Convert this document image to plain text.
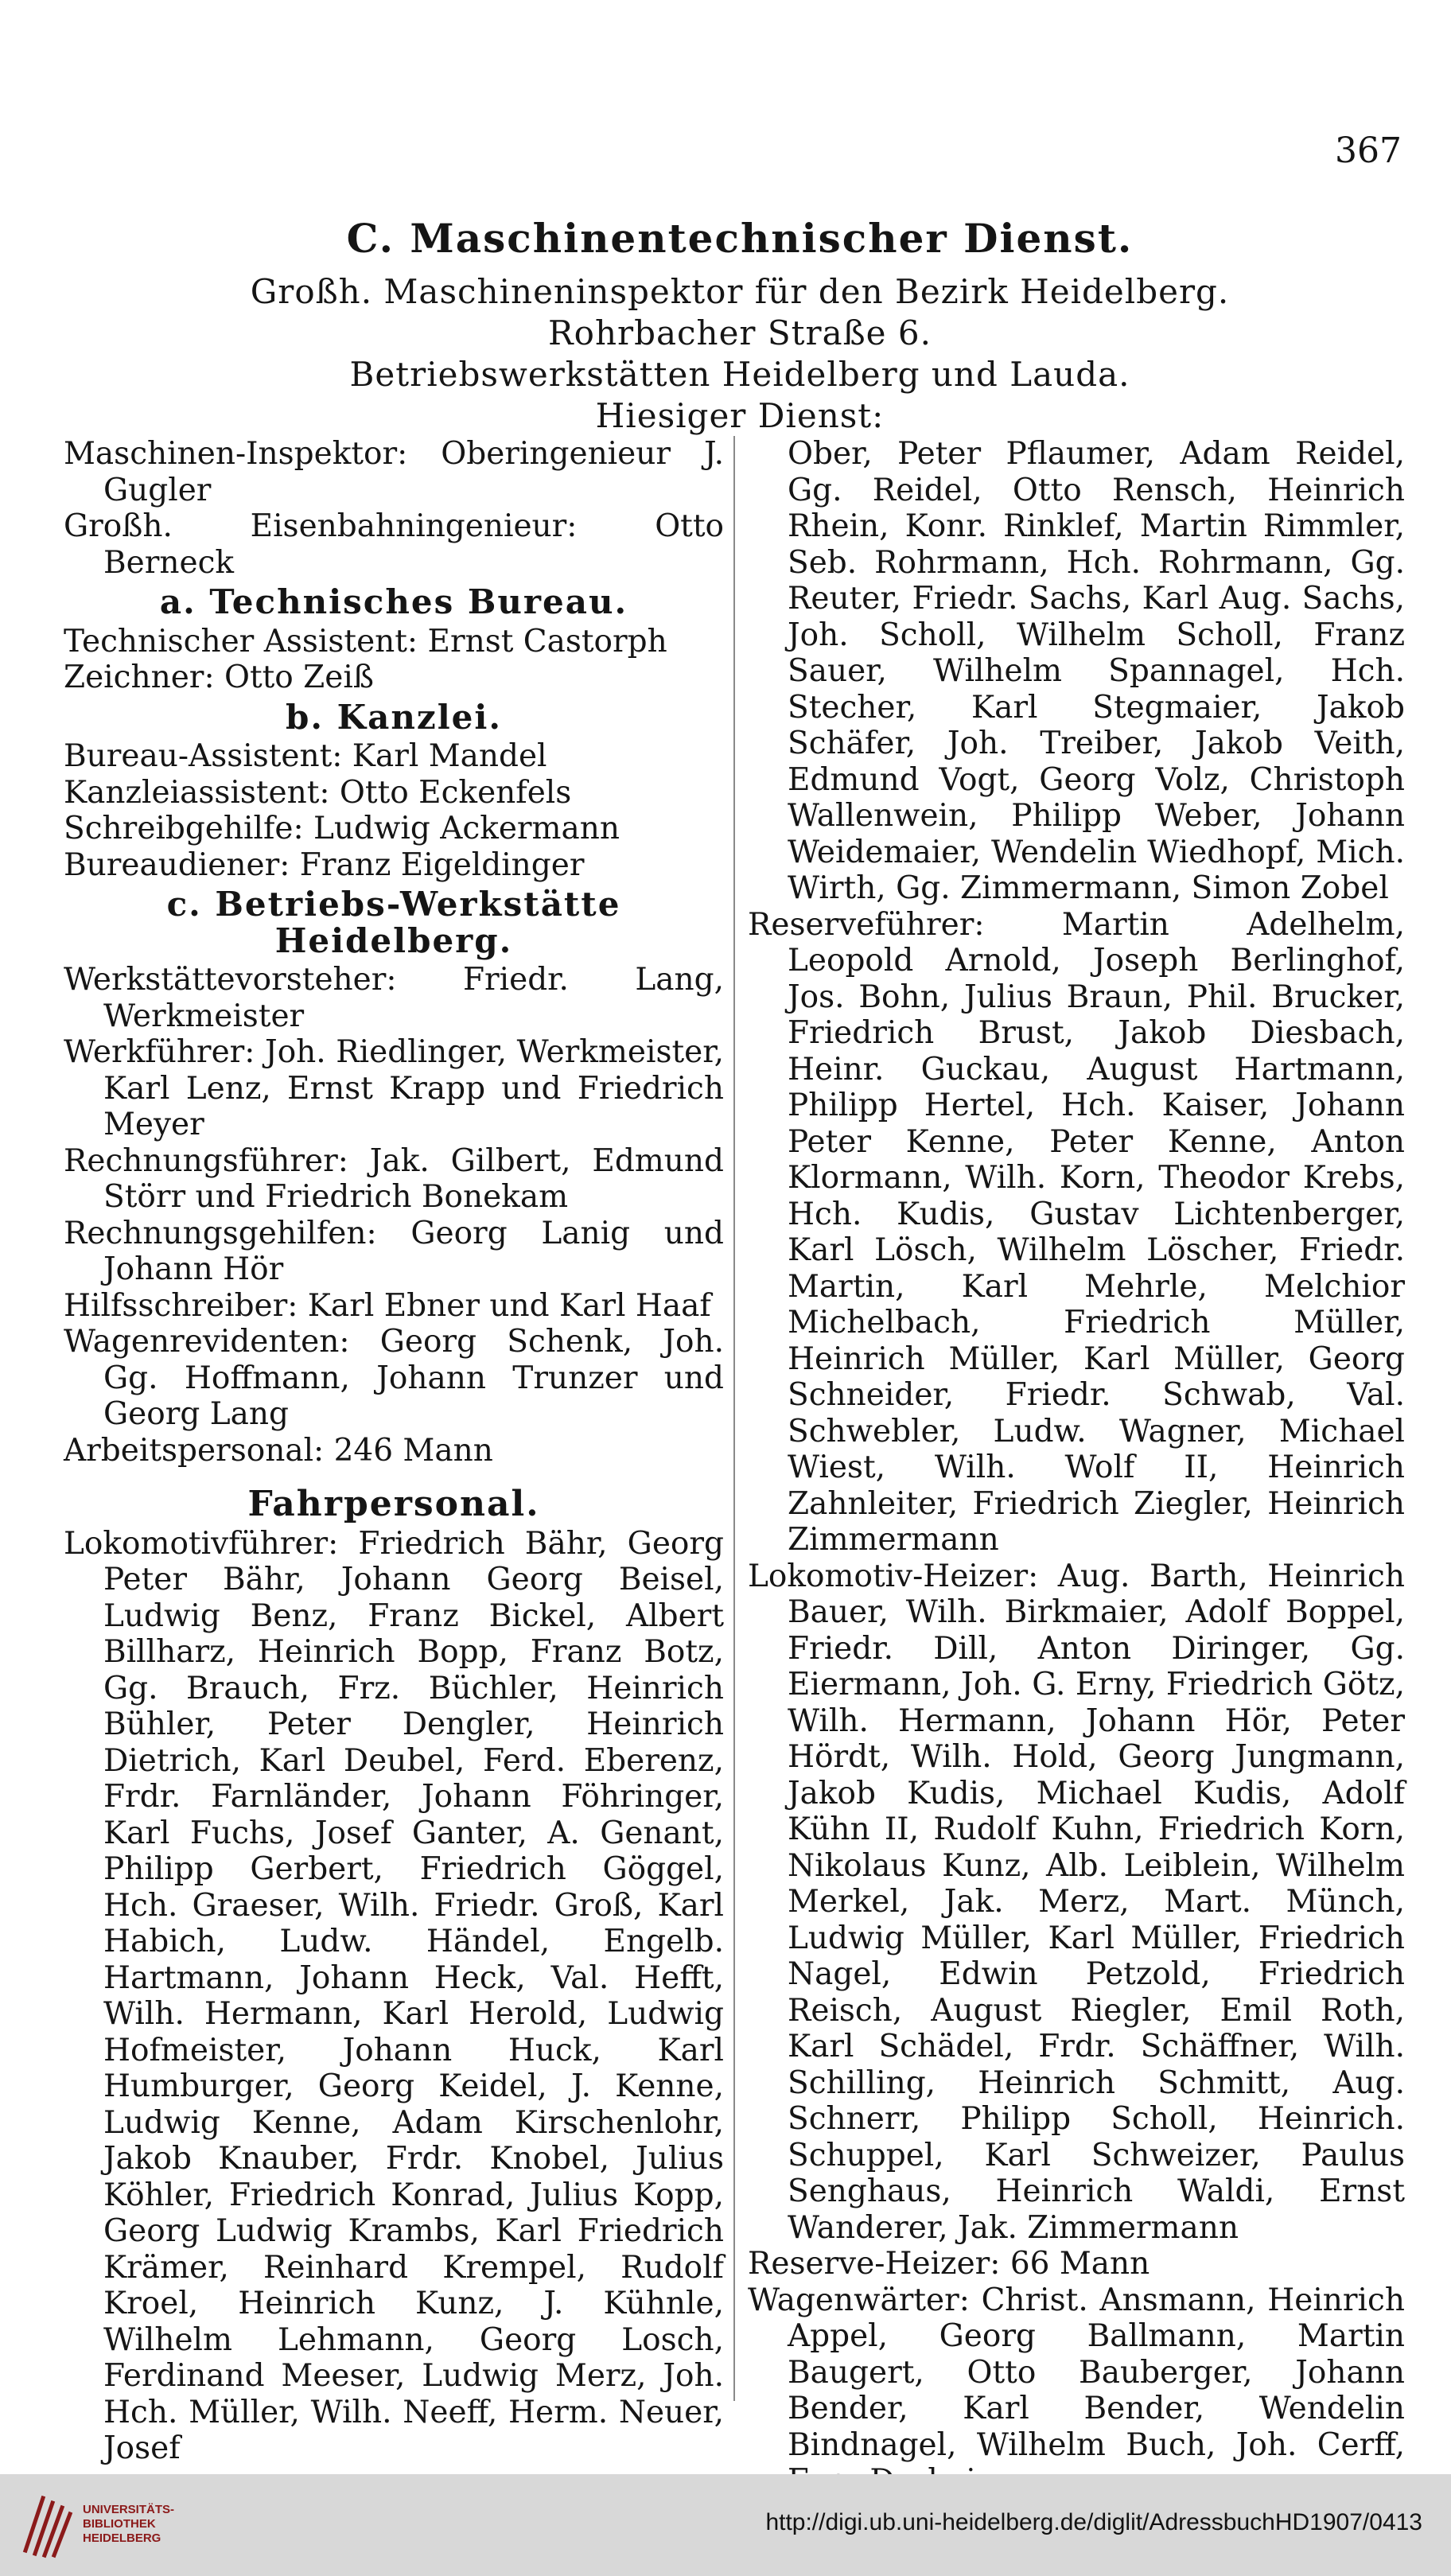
367
C. Maschinentechnischer Dienst.
Großh. Maschineninspektor für den Bezirk Heidelberg.
Rohrbacher Straße 6.
Betriebswerkstätten Heidelberg und Lauda.
Hiesiger Dienst:
Maschinen-Inspektor: Oberingenieur J. Gugler
Großh. Eisenbahningenieur: Otto Berneck
a. Technisches Bureau.
Technischer Assistent: Ernst Castorph
Zeichner: Otto Zeiß
b. Kanzlei.
Bureau-Assistent: Karl Mandel
Kanzleiassistent: Otto Eckenfels
Schreibgehilfe: Ludwig Ackermann
Bureaudiener: Franz Eigeldinger
c. Betriebs-Werkstätte Heidelberg.
Werkstättevorsteher: Friedr. Lang, Werkmeister
Werkführer: Joh. Riedlinger, Werkmeister, Karl Lenz, Ernst Krapp und Friedrich Meyer
Rechnungsführer: Jak. Gilbert, Edmund Störr und Friedrich Bonekam
Rechnungsgehilfen: Georg Lanig und Johann Hör
Hilfsschreiber: Karl Ebner und Karl Haaf
Wagenrevidenten: Georg Schenk, Joh. Gg. Hoffmann, Johann Trunzer und Georg Lang
Arbeitspersonal: 246 Mann
Fahrpersonal.
Lokomotivführer: Friedrich Bähr, Georg Peter Bähr, Johann Georg Beisel, Ludwig Benz, Franz Bickel, Albert Billharz, Heinrich Bopp, Franz Botz, Gg. Brauch, Frz. Büchler, Heinrich Bühler, Peter Dengler, Heinrich Dietrich, Karl Deubel, Ferd. Eberenz, Frdr. Farnländer, Johann Föhringer, Karl Fuchs, Josef Ganter, A. Genant, Philipp Gerbert, Friedrich Göggel, Hch. Graeser, Wilh. Friedr. Groß, Karl Habich, Ludw. Händel, Engelb. Hartmann, Johann Heck, Val. Hefft, Wilh. Hermann, Karl Herold, Ludwig Hofmeister, Johann Huck, Karl Humburger, Georg Keidel, J. Kenne, Ludwig Kenne, Adam Kirschenlohr, Jakob Knauber, Frdr. Knobel, Julius Köhler, Friedrich Konrad, Julius Kopp, Georg Ludwig Krambs, Karl Friedrich Krämer, Reinhard Krempel, Rudolf Kroel, Heinrich Kunz, J. Kühnle, Wilhelm Lehmann, Georg Losch, Ferdinand Meeser, Ludwig Merz, Joh. Hch. Müller, Wilh. Neeff, Herm. Neuer, Josef
Ober, Peter Pflaumer, Adam Reidel, Gg. Reidel, Otto Rensch, Heinrich Rhein, Konr. Rinklef, Martin Rimmler, Seb. Rohrmann, Hch. Rohrmann, Gg. Reuter, Friedr. Sachs, Karl Aug. Sachs, Joh. Scholl, Wilhelm Scholl, Franz Sauer, Wilhelm Spannagel, Hch. Stecher, Karl Stegmaier, Jakob Schäfer, Joh. Treiber, Jakob Veith, Edmund Vogt, Georg Volz, Christoph Wallenwein, Philipp Weber, Johann Weidemaier, Wendelin Wiedhopf, Mich. Wirth, Gg. Zimmermann, Simon Zobel
Reserveführer: Martin Adelhelm, Leopold Arnold, Joseph Berlinghof, Jos. Bohn, Julius Braun, Phil. Brucker, Friedrich Brust, Jakob Diesbach, Heinr. Guckau, August Hartmann, Philipp Hertel, Hch. Kaiser, Johann Peter Kenne, Peter Kenne, Anton Klormann, Wilh. Korn, Theodor Krebs, Hch. Kudis, Gustav Lichtenberger, Karl Lösch, Wilhelm Löscher, Friedr. Martin, Karl Mehrle, Melchior Michelbach, Friedrich Müller, Heinrich Müller, Karl Müller, Georg Schneider, Friedr. Schwab, Val. Schwebler, Ludw. Wagner, Michael Wiest, Wilh. Wolf II, Heinrich Zahnleiter, Friedrich Ziegler, Heinrich Zimmermann
Lokomotiv-Heizer: Aug. Barth, Heinrich Bauer, Wilh. Birkmaier, Adolf Boppel, Friedr. Dill, Anton Diringer, Gg. Eiermann, Joh. G. Erny, Friedrich Götz, Wilh. Hermann, Johann Hör, Peter Hördt, Wilh. Hold, Georg Jungmann, Jakob Kudis, Michael Kudis, Adolf Kühn II, Rudolf Kuhn, Friedrich Korn, Nikolaus Kunz, Alb. Leiblein, Wilhelm Merkel, Jak. Merz, Mart. Münch, Ludwig Müller, Karl Müller, Friedrich Nagel, Edwin Petzold, Friedrich Reisch, August Riegler, Emil Roth, Karl Schädel, Frdr. Schäffner, Wilh. Schilling, Heinrich Schmitt, Aug. Schnerr, Philipp Scholl, Heinrich. Schuppel, Karl Schweizer, Paulus Senghaus, Heinrich Waldi, Ernst Wanderer, Jak. Zimmermann
Reserve-Heizer: 66 Mann
Wagenwärter: Christ. Ansmann, Heinrich Appel, Georg Ballmann, Martin Baugert, Otto Bauberger, Johann Bender, Karl Bender, Wendelin Bindnagel, Wilhelm Buch, Joh. Cerff,
UNIVERSITÄTS-
BIBLIOTHEK
HEIDELBERG
http://digi.ub.uni-heidelberg.de/diglit/AdressbuchHD1907/0413
